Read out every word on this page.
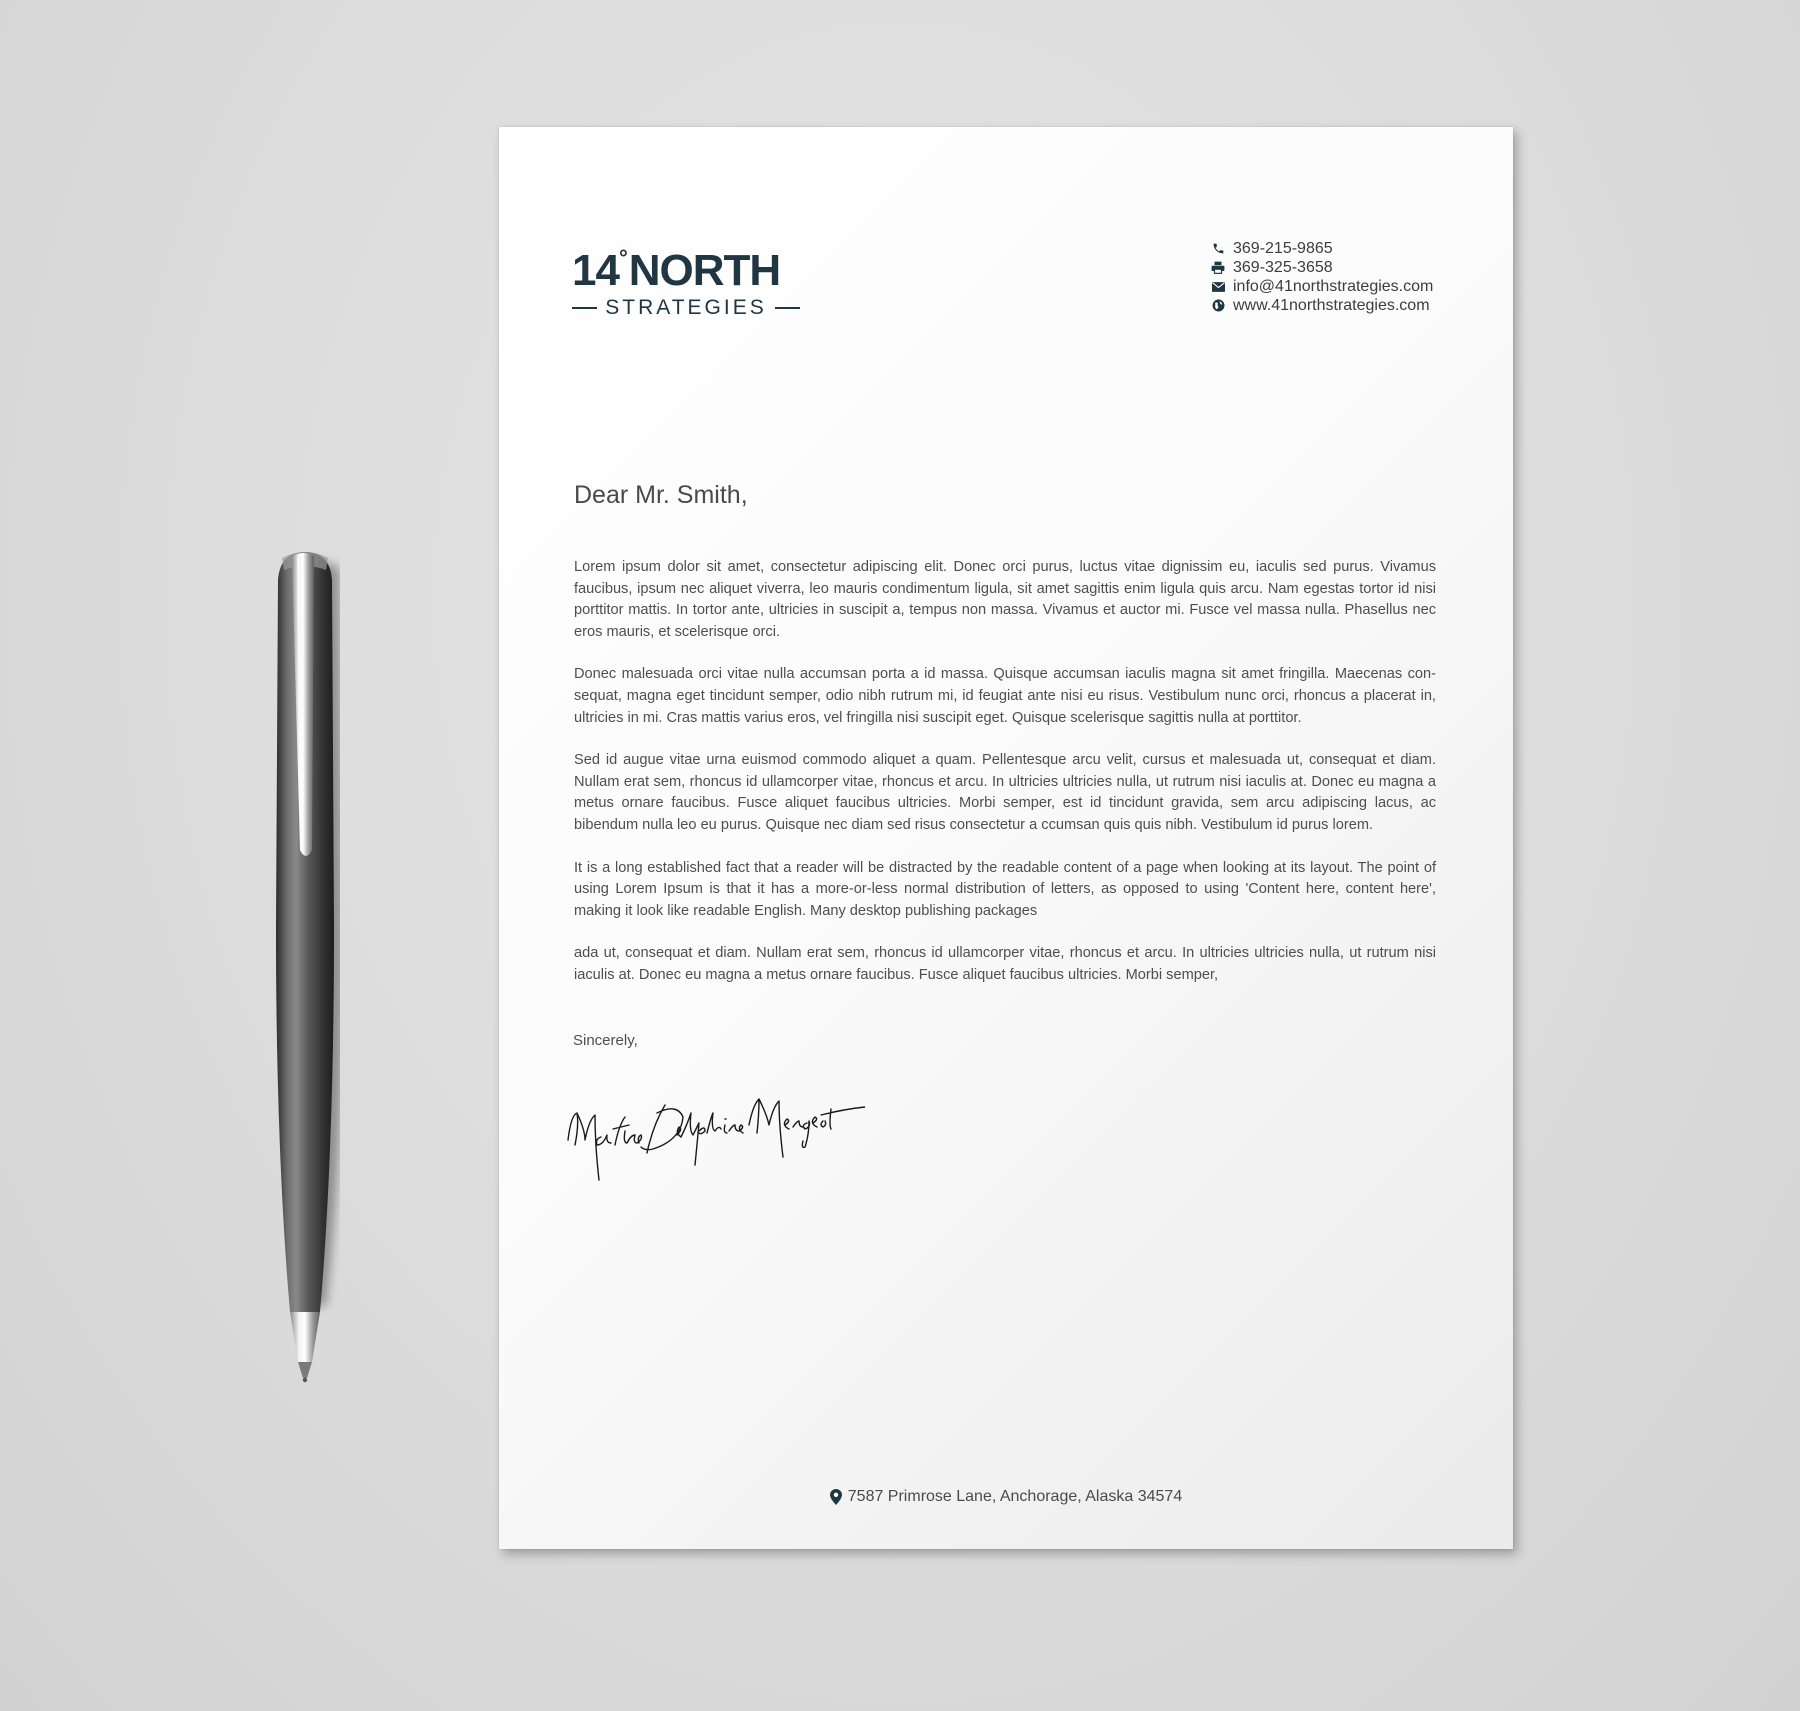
14°NORTH
STRATEGIES
369-215-9865
369-325-3658
info@41northstrategies.com
www.41northstrategies.com
Dear Mr. Smith,

Lorem ipsum dolor sit amet, consectetur adipiscing elit. Donec orci purus, luctus vitae dignissim eu, iaculis sed purus. Vivamus faucibus, ipsum nec aliquet viverra, leo mauris condimentum ligula, sit amet sagittis enim ligula quis arcu. Nam egestas tortor id nisi porttitor mattis. In tortor ante, ultricies in suscipit a, tempus non massa. Vivamus et auctor mi. Fusce vel massa nulla. Phasellus nec eros mauris, et scelerisque orci.

Donec malesuada orci vitae nulla accumsan porta a id massa. Quisque accumsan iaculis magna sit amet fringilla. Maecenas con-sequat, magna eget tincidunt semper, odio nibh rutrum mi, id feugiat ante nisi eu risus. Vestibulum nunc orci, rhoncus a placerat in, ultricies in mi. Cras mattis varius eros, vel fringilla nisi suscipit eget. Quisque scelerisque sagittis nulla at porttitor.

Sed id augue vitae urna euismod commodo aliquet a quam. Pellentesque arcu velit, cursus et malesuada ut, consequat et diam. Nullam erat sem, rhoncus id ullamcorper vitae, rhoncus et arcu. In ultricies ultricies nulla, ut rutrum nisi iaculis at. Donec eu magna a metus ornare faucibus. Fusce aliquet faucibus ultricies. Morbi semper, est id tincidunt gravida, sem arcu adipiscing lacus, ac bibendum nulla leo eu purus. Quisque nec diam sed risus consectetur a ccumsan quis quis nibh. Vestibulum id purus lorem.

It is a long established fact that a reader will be distracted by the readable content of a page when looking at its layout. The point of using Lorem Ipsum is that it has a more-or-less normal distribution of letters, as opposed to using 'Content here, content here', making it look like readable English. Many desktop publishing packages

ada ut, consequat et diam. Nullam erat sem, rhoncus id ullamcorper vitae, rhoncus et arcu. In ultricies ultricies nulla, ut rutrum nisi iaculis at. Donec eu magna a metus ornare faucibus. Fusce aliquet faucibus ultricies. Morbi semper,

Sincerely,
7587 Primrose Lane, Anchorage, Alaska 34574
